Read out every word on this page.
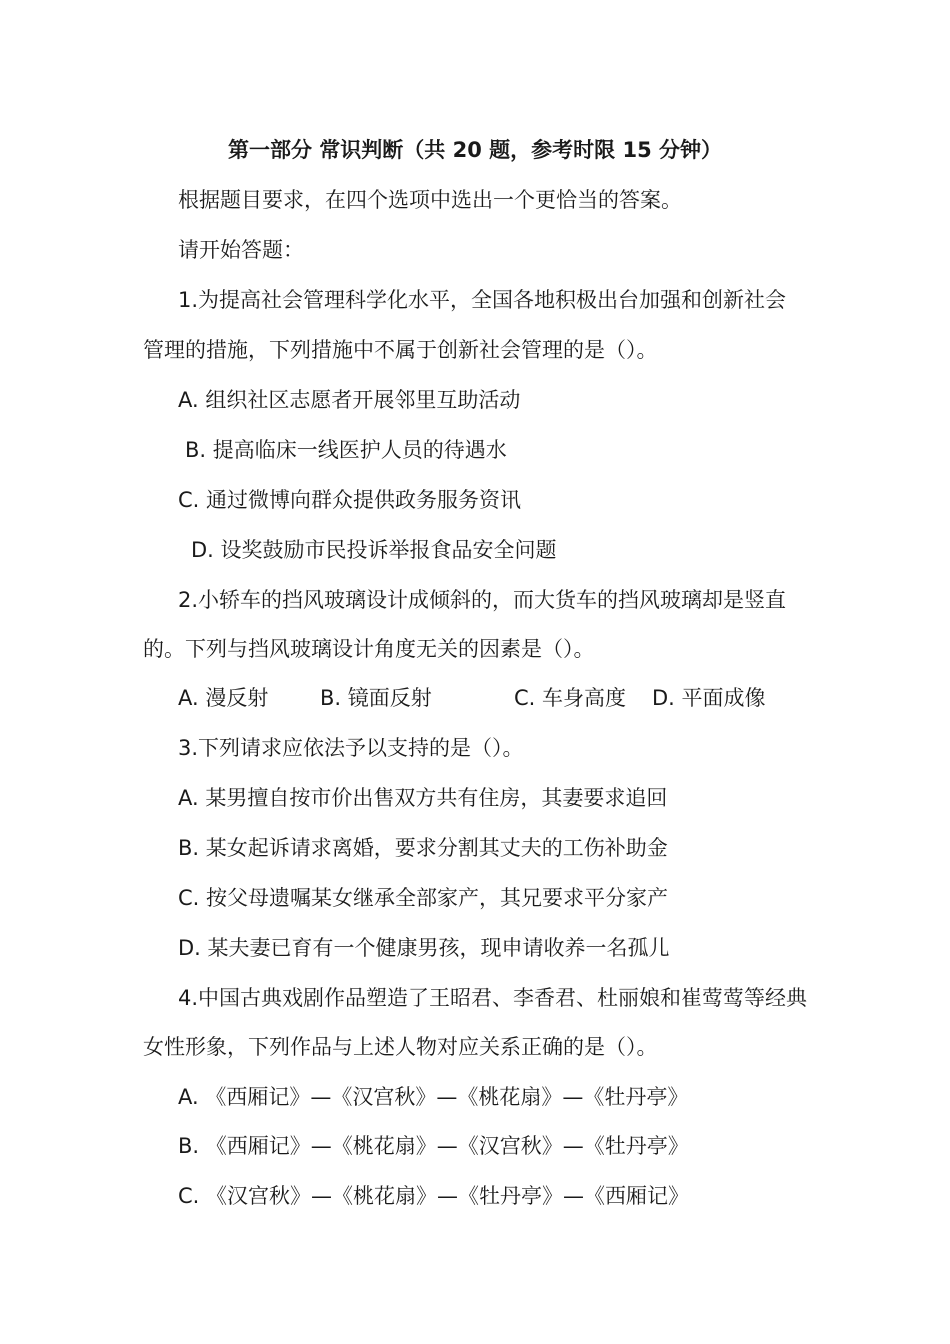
第一部分 常识判断（共 20 题，参考时限 15 分钟）
根据题目要求，在四个选项中选出一个更恰当的答案。
请开始答题：
1.为提高社会管理科学化水平，全国各地积极出台加强和创新社会
管理的措施，下列措施中不属于创新社会管理的是（）。
A. 组织社区志愿者开展邻里互助活动
B. 提高临床一线医护人员的待遇水
C. 通过微博向群众提供政务服务资讯
D. 设奖鼓励市民投诉举报食品安全问题
2.小轿车的挡风玻璃设计成倾斜的，而大货车的挡风玻璃却是竖直
的。下列与挡风玻璃设计角度无关的因素是（）。
A. 漫反射 B. 镜面反射	C. 车身高度 D. 平面成像
3.下列请求应依法予以支持的是（）。
A. 某男擅自按市价出售双方共有住房，其妻要求追回
B. 某女起诉请求离婚，要求分割其丈夫的工伤补助金
C. 按父母遗嘱某女继承全部家产，其兄要求平分家产
D. 某夫妻已育有一个健康男孩，现申请收养一名孤儿
4.中国古典戏剧作品塑造了王昭君、李香君、杜丽娘和崔莺莺等经典
女性形象，下列作品与上述人物对应关系正确的是（）。
A. 《西厢记》—《汉宫秋》—《桃花扇》—《牡丹亭》
B. 《西厢记》—《桃花扇》—《汉宫秋》—《牡丹亭》
C. 《汉宫秋》—《桃花扇》—《牡丹亭》—《西厢记》
